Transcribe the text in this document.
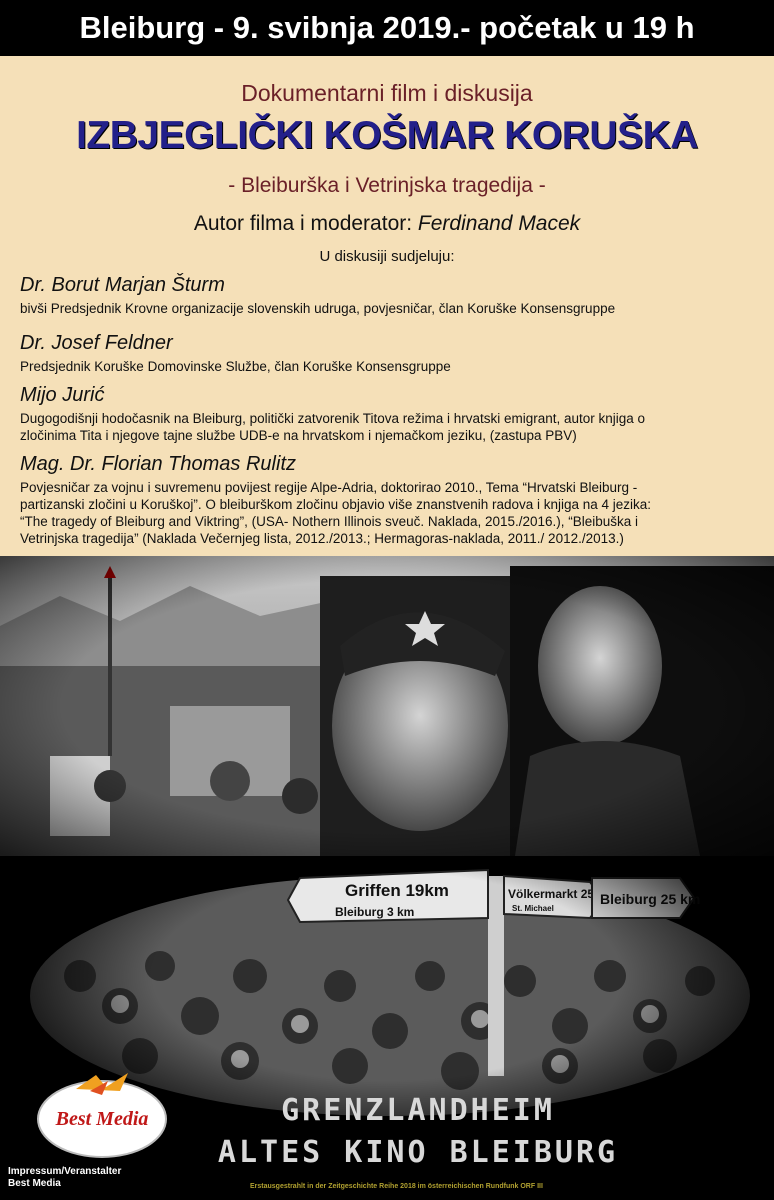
Bleiburg - 9. svibnja 2019.- početak u 19 h
Dokumentarni film i diskusija
IZBJEGLIČKI KOŠMAR KORUŠKA
- Bleiburška i Vetrinjska tragedija -
Autor filma i moderator: Ferdinand Macek
U diskusiji sudjeluju:
Dr. Borut Marjan Šturm
bivši Predsjednik Krovne organizacije slovenskih udruga, povjesničar, član Koruške Konsensgruppe
Dr. Josef Feldner
Predsjednik Koruške Domovinske Službe, član Koruške Konsensgruppe
Mijo Jurić
Dugogodišnji hodočasnik na Bleiburg, politički zatvorenik Titova režima i hrvatski emigrant, autor knjiga o
zločinima Tita i njegove tajne službe UDB-e na hrvatskom i njemačkom jeziku, (zastupa PBV)
Mag. Dr. Florian Thomas Rulitz
Povjesničar za vojnu i suvremenu povijest regije Alpe-Adria, doktorirao 2010., Tema “Hrvatski Bleiburg -
partizanski zločini u Koruškoj”. O bleiburškom zločinu objavio više znanstvenih radova i knjiga na 4 jezika:
“The tragedy of Bleiburg and Viktring”, (USA- Nothern Illinois sveuč. Naklada, 2015./2016.), “Bleibuška i
Vetrinjska tragedija” (Naklada Večernjeg lista, 2012./2013.; Hermagoras-naklada, 2011./ 2012./2013.)
GRENZLANDHEIM
ALTES KINO BLEIBURG
Best Media
Impressum/Veranstalter
Best Media	Erstausgestrahlt in der Zeitgeschichte Reihe 2018 im österreichischen Rundfunk ORF III
